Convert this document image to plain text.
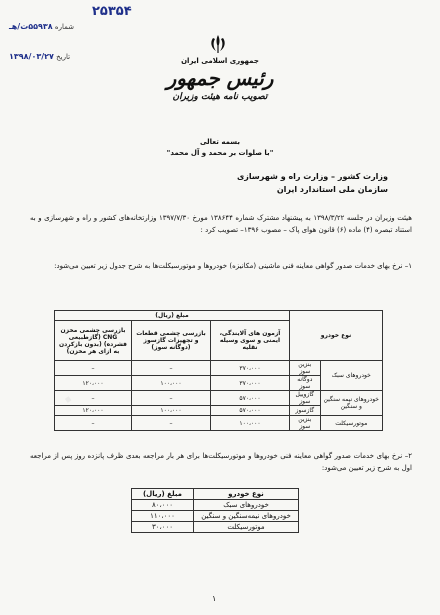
.
۲۵۳۵۴
شماره ۵۵۹۳۸ت/هـ
تاريخ ۱۳۹۸/۰۳/۲۷	جمهوری اسلامی ايران
رئيس جمهور
تصويب نامه هيئت وزيران
بسمه تعالی
"با صلوات بر محمد و آل محمد"
وزارت کشور – وزارت راه و شهرسازی
سازمان ملی استاندارد ايران
هيئت وزيران در جلسه ۱۳۹۸/۳/۲۲ به پيشنهاد مشترک شماره ۱۳۸۶۴۴ مورخ ۱۳۹۷/۷/۳۰ وزارتخانه‌های کشور و راه و شهرسازی و به استناد تبصره (۴) ماده (۶) قانون هوای پاک – مصوب ۱۳۹۶– تصويب کرد :
۱– نرخ بهای خدمات صدور گواهی معاينه فنی ماشينی (مکانيزه) خودروها و موتورسيکلت‌ها به شرح جدول زير تعيين می‌شود:
نوع خودرو		مبلغ (ريال)		
		آزمون های آلايندگی، ايمنی و سوی وسيله نقليه	بازرسی چشمی قطعات و تجهيزات گازسوز (دوگانه سوز)	بازرسی چشمی مخزن CNG (گازطبيعی فشرده) (بدون بازکردن به ازای هر مخزن)
خودروهای سبک	بنزين سوز	۳۷۰،۰۰۰	–	–
	دوگانه سوز	۳۷۰،۰۰۰	۱۰۰،۰۰۰	۱۲۰،۰۰۰
خودروهای نيمه سنگين و سنگين	گازوييل سوز	۵۷۰،۰۰۰	–	–
	گازسوز	۵۷۰،۰۰۰	۱۰۰،۰۰۰	۱۲۰،۰۰۰
موتورسيکلت	بنزين سوز	۱۰۰،۰۰۰	–	–
۲– نرخ بهای خدمات صدور گواهی معاينه فنی خودروها و موتورسيکلت‌ها برای هر بار مراجعه بعدی ظرف پانزده روز پس از مراجعه اول به شرح زير تعيين می‌شود:
نوع خودرو	مبلغ (ريال)
خودروهای سبک	۸۰،۰۰۰
خودروهای نيمه‌سنگين و سنگين	۱۱۰،۰۰۰
موتورسيکلت	۳۰،۰۰۰
۱
